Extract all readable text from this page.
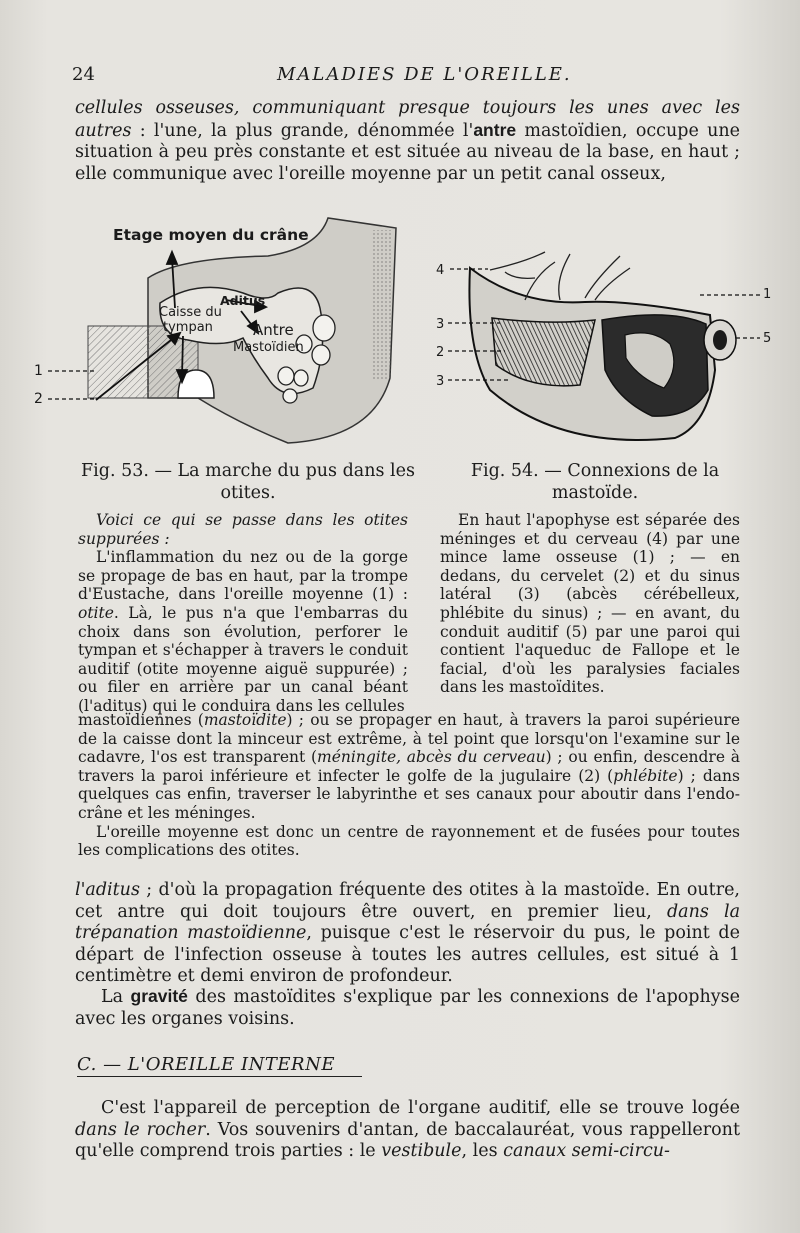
24	MALADIES DE L'OREILLE.

cellules osseuses, communiquant presque toujours les unes avec les autres : l'une, la plus grande, dénommée l'antre mastoïdien, occupe une situation à peu près constante et est située au niveau de la base, en haut ; elle communique avec l'oreille moyenne par un petit canal osseux,

Etage moyen du crâne
Caisse du
tympan
Aditus
Antre
Mastoïdien
1
2
4
3
2
3
1
5

Fig. 53. — La marche du pus dans les otites.

Fig. 54. — Connexions de la mastoïde.

Voici ce qui se passe dans les otites suppurées :

L'inflammation du nez ou de la gorge se propage de bas en haut, par la trompe d'Eustache, dans l'oreille moyenne (1) : otite. Là, le pus n'a que l'embarras du choix dans son évolution, perforer le tympan et s'échapper à travers le conduit auditif (otite moyenne aiguë suppurée) ; ou filer en arrière par un canal béant (l'aditus) qui le conduira dans les cellules

En haut l'apophyse est séparée des méninges et du cerveau (4) par une mince lame osseuse (1) ; — en dedans, du cervelet (2) et du sinus latéral (3) (abcès cérébelleux, phlébite du sinus) ; — en avant, du conduit auditif (5) par une paroi qui contient l'aqueduc de Fallope et le facial, d'où les paralysies faciales dans les mastoïdites.

mastoïdiennes (mastoïdite) ; ou se propager en haut, à travers la paroi supérieure de la caisse dont la minceur est extrême, à tel point que lorsqu'on l'examine sur le cadavre, l'os est transparent (méningite, abcès du cerveau) ; ou enfin, descendre à travers la paroi inférieure et infecter le golfe de la jugulaire (2) (phlébite) ; dans quelques cas enfin, traverser le labyrinthe et ses canaux pour aboutir dans l'endo-crâne et les méninges.

L'oreille moyenne est donc un centre de rayonnement et de fusées pour toutes les complications des otites.

l'aditus ; d'où la propagation fréquente des otites à la mastoïde. En outre, cet antre qui doit toujours être ouvert, en premier lieu, dans la trépanation mastoïdienne, puisque c'est le réservoir du pus, le point de départ de l'infection osseuse à toutes les autres cellules, est situé à 1 centimètre et demi environ de profondeur.

La gravité des mastoïdites s'explique par les connexions de l'apophyse avec les organes voisins.

C. — L'OREILLE INTERNE

C'est l'appareil de perception de l'organe auditif, elle se trouve logée dans le rocher. Vos souvenirs d'antan, de baccalauréat, vous rappelleront qu'elle comprend trois parties : le vestibule, les canaux semi-circu-
